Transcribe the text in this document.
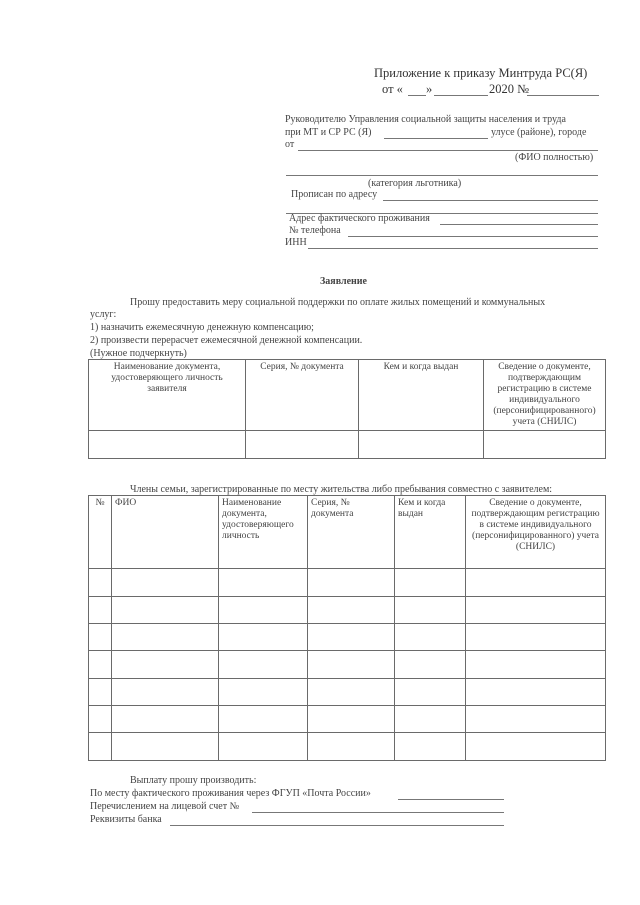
Приложение к приказу Минтруда РС(Я)
от « »	2020 №
Руководителю Управления социальной защиты населения и труда
при МТ и СР РС (Я)	улусе (районе), городе
от
(ФИО полностью)
(категория льготника)
Прописан по адресу
Адрес фактического проживания
№ телефона
ИНН
Заявление
Прошу предоставить меру социальной поддержки по оплате жилых помещений и коммунальных
услуг:
1) назначить ежемесячную денежную компенсацию;
2) произвести перерасчет ежемесячной денежной компенсации.
(Нужное подчеркнуть)
Наименование документа, удостоверяющего личность заявителя	Серия, № документа	Кем и когда выдан	Сведение о документе, подтверждающим регистрацию в системе индивидуального (персонифицированного) учета (СНИЛС)

Члены семьи, зарегистрированные по месту жительства либо пребывания совместно с заявителем:
№	ФИО	Наименование документа, удостоверяющего личность	Серия, № документа	Кем и когда выдан	Сведение о документе, подтверждающим регистрацию в системе индивидуального (персонифицированного) учета (СНИЛС)

Выплату прошу производить:
По месту фактического проживания через ФГУП «Почта России»
Перечислением на лицевой счет №
Реквизиты банка
